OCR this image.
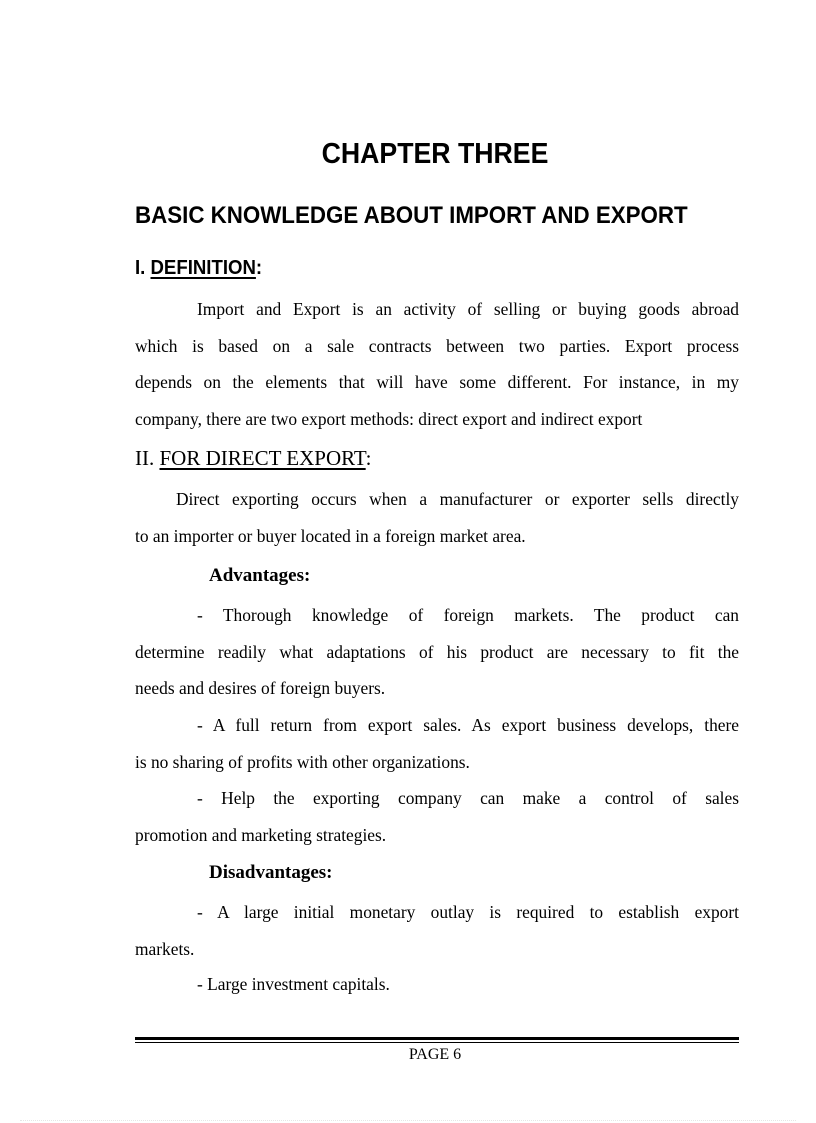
CHAPTER THREE
BASIC KNOWLEDGE ABOUT IMPORT AND EXPORT
I. DEFINITION:
Import and Export is an activity of selling or buying goods abroad
which is based on a sale contracts between two parties. Export process
depends on the elements that will have some different. For instance, in my
company, there are two export methods: direct export and indirect export
II. FOR DIRECT EXPORT:
Direct exporting occurs when a manufacturer or exporter sells directly
to an importer or buyer located in a foreign market area.
Advantages:
- Thorough knowledge of foreign markets. The product can
determine readily what adaptations of his product are necessary to fit the
needs and desires of foreign buyers.
- A full return from export sales. As export business develops, there
is no sharing of profits with other organizations.
- Help the exporting company can make a control of sales
promotion and marketing strategies.
Disadvantages:
- A large initial monetary outlay is required to establish export
markets.
- Large investment capitals.
PAGE 6
